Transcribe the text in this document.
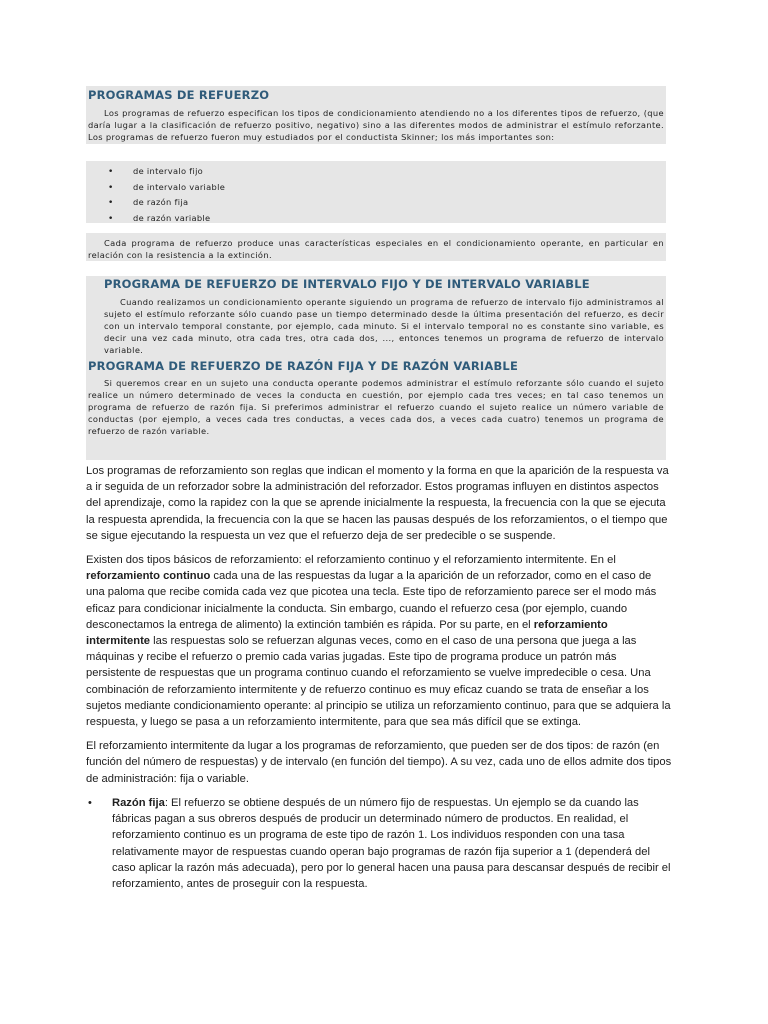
PROGRAMAS DE REFUERZO
Los programas de refuerzo especifican los tipos de condicionamiento atendiendo no a los diferentes tipos de refuerzo, (que daría lugar a la clasificación de refuerzo positivo, negativo) sino a las diferentes modos de administrar el estímulo reforzante. Los programas de refuerzo fueron muy estudiados por el conductista Skinner; los más importantes son:
• de intervalo fijo
• de intervalo variable
• de razón fija
• de razón variable
Cada programa de refuerzo produce unas características especiales en el condicionamiento operante, en particular en relación con la resistencia a la extinción.
PROGRAMA DE REFUERZO DE INTERVALO FIJO Y DE INTERVALO VARIABLE
Cuando realizamos un condicionamiento operante siguiendo un programa de refuerzo de intervalo fijo administramos al sujeto el estímulo reforzante sólo cuando pase un tiempo determinado desde la última presentación del refuerzo, es decir con un intervalo temporal constante, por ejemplo, cada minuto. Si el intervalo temporal no es constante sino variable, es decir una vez cada minuto, otra cada tres, otra cada dos, ..., entonces tenemos un programa de refuerzo de intervalo variable.
PROGRAMA DE REFUERZO DE RAZÓN FIJA Y DE RAZÓN VARIABLE
Si queremos crear en un sujeto una conducta operante podemos administrar el estímulo reforzante sólo cuando el sujeto realice un número determinado de veces la conducta en cuestión, por ejemplo cada tres veces; en tal caso tenemos un programa de refuerzo de razón fija. Si preferimos administrar el refuerzo cuando el sujeto realice un número variable de conductas (por ejemplo, a veces cada tres conductas, a veces cada dos, a veces cada cuatro) tenemos un programa de refuerzo de razón variable.

Los programas de reforzamiento son reglas que indican el momento y la forma en que la aparición de la respuesta va a ir seguida de un reforzador sobre la administración del reforzador. Estos programas influyen en distintos aspectos del aprendizaje, como la rapidez con la que se aprende inicialmente la respuesta, la frecuencia con la que se ejecuta la respuesta aprendida, la frecuencia con la que se hacen las pausas después de los reforzamientos, o el tiempo que se sigue ejecutando la respuesta un vez que el refuerzo deja de ser predecible o se suspende.

Existen dos tipos básicos de reforzamiento: el reforzamiento continuo y el reforzamiento intermitente. En el reforzamiento continuo cada una de las respuestas da lugar a la aparición de un reforzador, como en el caso de una paloma que recibe comida cada vez que picotea una tecla. Este tipo de reforzamiento parece ser el modo más eficaz para condicionar inicialmente la conducta. Sin embargo, cuando el refuerzo cesa (por ejemplo, cuando desconectamos la entrega de alimento) la extinción también es rápida. Por su parte, en el reforzamiento intermitente las respuestas solo se refuerzan algunas veces, como en el caso de una persona que juega a las máquinas y recibe el refuerzo o premio cada varias jugadas. Este tipo de programa produce un patrón más persistente de respuestas que un programa continuo cuando el reforzamiento se vuelve impredecible o cesa. Una combinación de reforzamiento intermitente y de refuerzo continuo es muy eficaz cuando se trata de enseñar a los sujetos mediante condicionamiento operante: al principio se utiliza un reforzamiento continuo, para que se adquiera la respuesta, y luego se pasa a un reforzamiento intermitente, para que sea más difícil que se extinga.

El reforzamiento intermitente da lugar a los programas de reforzamiento, que pueden ser de dos tipos: de razón (en función del número de respuestas) y de intervalo (en función del tiempo). A su vez, cada uno de ellos admite dos tipos de administración: fija o variable.

• Razón fija: El refuerzo se obtiene después de un número fijo de respuestas. Un ejemplo se da cuando las fábricas pagan a sus obreros después de producir un determinado número de productos. En realidad, el reforzamiento continuo es un programa de este tipo de razón 1. Los individuos responden con una tasa relativamente mayor de respuestas cuando operan bajo programas de razón fija superior a 1 (dependerá del caso aplicar la razón más adecuada), pero por lo general hacen una pausa para descansar después de recibir el reforzamiento, antes de proseguir con la respuesta.
